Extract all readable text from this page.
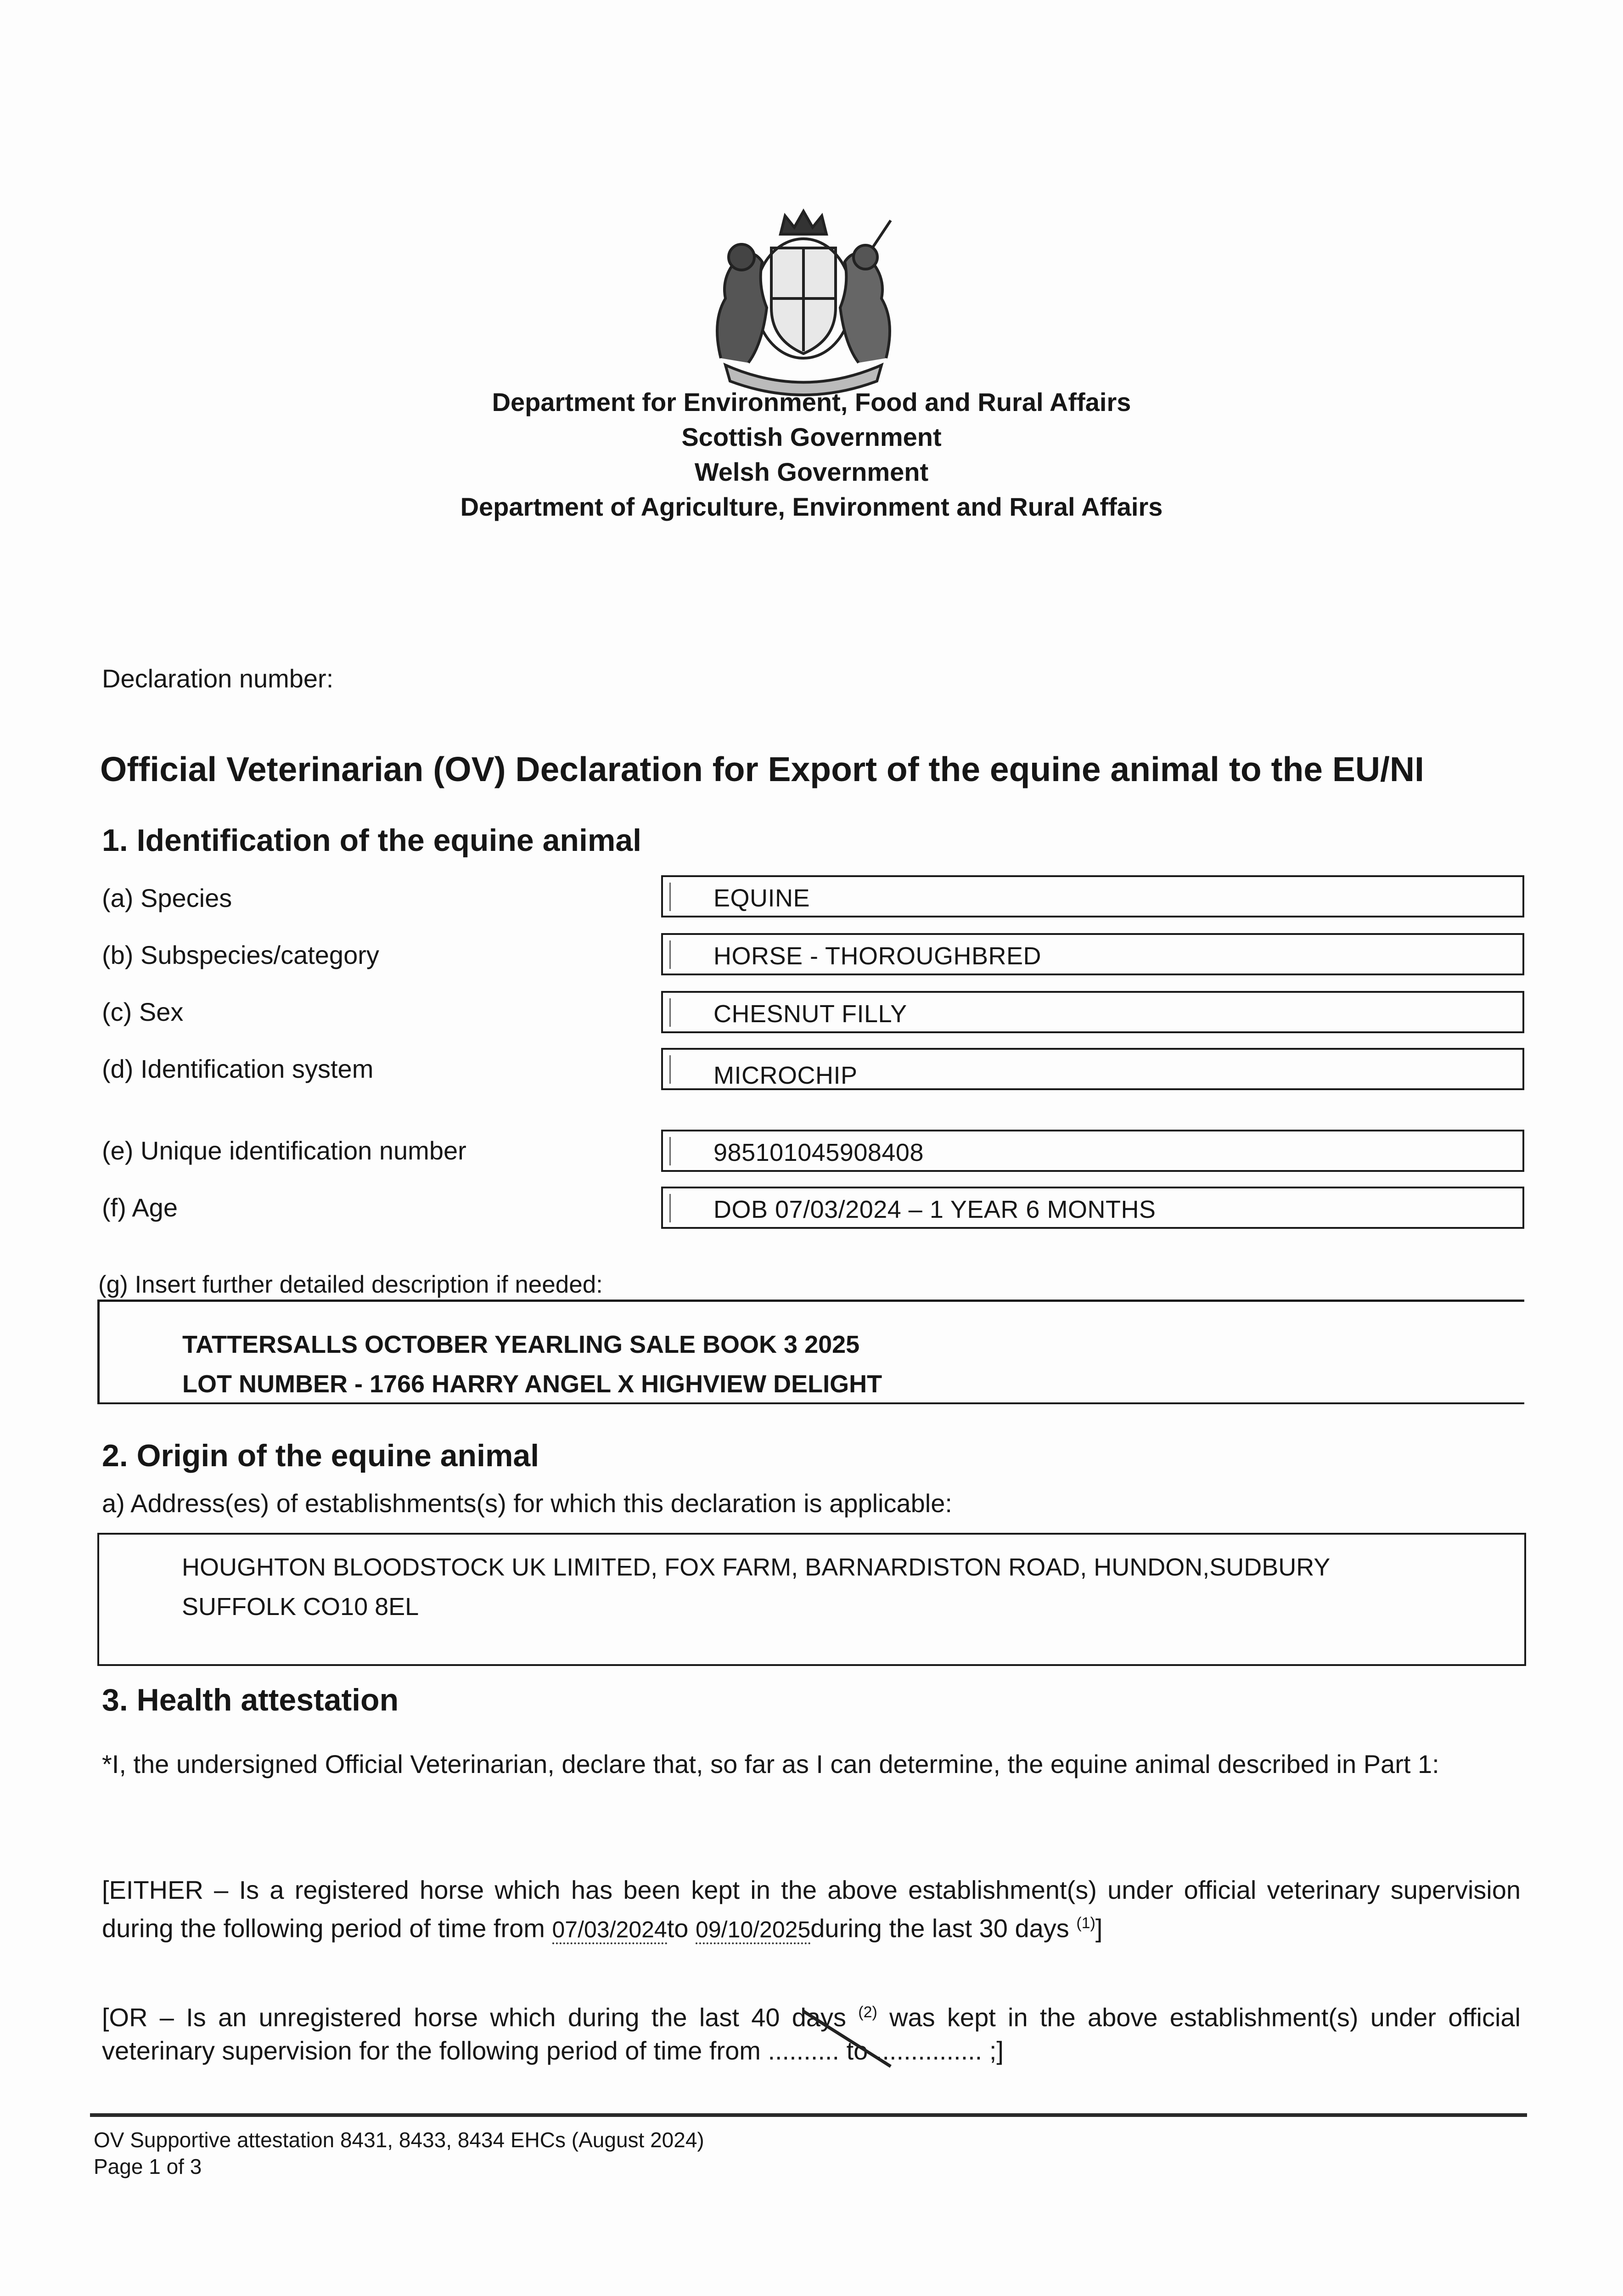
Department for Environment, Food and Rural Affairs
Scottish Government
Welsh Government
Department of Agriculture, Environment and Rural Affairs
Declaration number:
Official Veterinarian (OV) Declaration for Export of the equine animal to the EU/NI
1. Identification of the equine animal
(a) Species	EQUINE
(b) Subspecies/category	HORSE - THOROUGHBRED
(c) Sex	CHESNUT FILLY
(d) Identification system	MICROCHIP
(e) Unique identification number	985101045908408
(f) Age	DOB 07/03/2024 – 1 YEAR 6 MONTHS
(g) Insert further detailed description if needed:
TATTERSALLS OCTOBER YEARLING SALE BOOK 3 2025
LOT NUMBER - 1766 HARRY ANGEL X HIGHVIEW DELIGHT
2. Origin of the equine animal
a) Address(es) of establishments(s) for which this declaration is applicable:
HOUGHTON BLOODSTOCK UK LIMITED, FOX FARM, BARNARDISTON ROAD, HUNDON,SUDBURY
SUFFOLK CO10 8EL
3. Health attestation
*I, the undersigned Official Veterinarian, declare that, so far as I can determine, the equine animal described in Part 1:
[EITHER – Is a registered horse which has been kept in the above establishment(s) under official veterinary supervision during the following period of time from 07/03/2024to 09/10/2025during the last 30 days $^{(1)}$]
[OR – Is an unregistered horse which during the last 40 days $^{(2)}$ was kept in the above establishment(s) under official veterinary supervision for the following period of time from .......... to ............... ;]
OV Supportive attestation 8431, 8433, 8434 EHCs (August 2024)
Page 1 of 3
